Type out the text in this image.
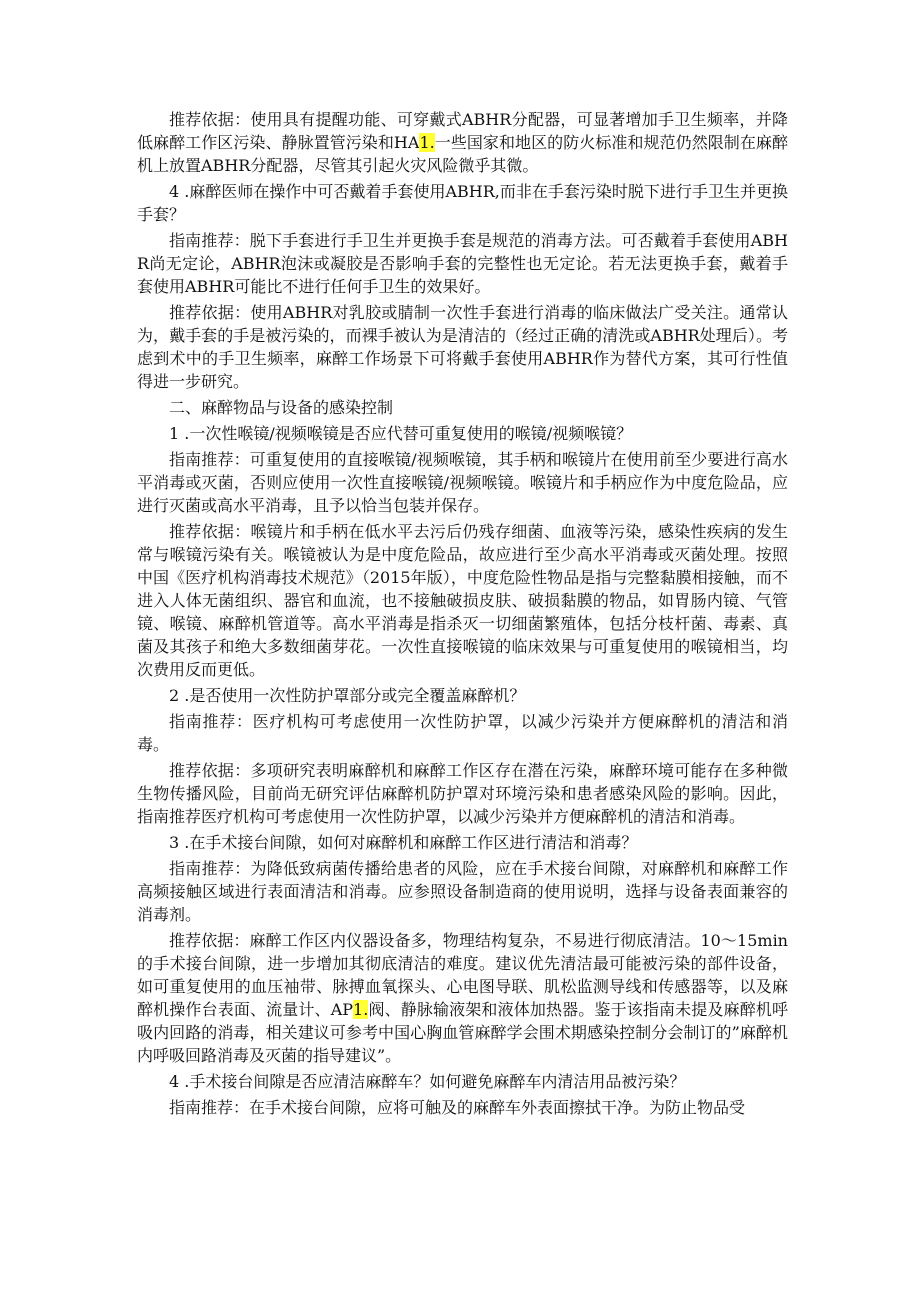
推荐依据：使用具有提醒功能、可穿戴式ABHR分配器，可显著增加手卫生频率，并降低麻醉工作区污染、静脉置管污染和HA1.一些国家和地区的防火标准和规范仍然限制在麻醉机上放置ABHR分配器，尽管其引起火灾风险微乎其微。

4 .麻醉医师在操作中可否戴着手套使用ABHR,而非在手套污染时脱下进行手卫生并更换手套？

指南推荐：脱下手套进行手卫生并更换手套是规范的消毒方法。可否戴着手套使用ABHR尚无定论，ABHR泡沫或凝胶是否影响手套的完整性也无定论。若无法更换手套，戴着手套使用ABHR可能比不进行任何手卫生的效果好。

推荐依据：使用ABHR对乳胶或腈制一次性手套进行消毒的临床做法广受关注。通常认为，戴手套的手是被污染的，而裸手被认为是清洁的（经过正确的清洗或ABHR处理后）。考虑到术中的手卫生频率，麻醉工作场景下可将戴手套使用ABHR作为替代方案，其可行性值得进一步研究。

二、麻醉物品与设备的感染控制

1 .一次性喉镜/视频喉镜是否应代替可重复使用的喉镜/视频喉镜？

指南推荐：可重复使用的直接喉镜/视频喉镜，其手柄和喉镜片在使用前至少要进行高水平消毒或灭菌，否则应使用一次性直接喉镜/视频喉镜。喉镜片和手柄应作为中度危险品，应进行灭菌或高水平消毒，且予以恰当包装并保存。

推荐依据：喉镜片和手柄在低水平去污后仍残存细菌、血液等污染，感染性疾病的发生常与喉镜污染有关。喉镜被认为是中度危险品，故应进行至少高水平消毒或灭菌处理。按照中国《医疗机构消毒技术规范》（2015年版），中度危险性物品是指与完整黏膜相接触，而不进入人体无菌组织、器官和血流，也不接触破损皮肤、破损黏膜的物品，如胃肠内镜、气管镜、喉镜、麻醉机管道等。高水平消毒是指杀灭一切细菌繁殖体，包括分枝杆菌、毒素、真菌及其孩子和绝大多数细菌芽花。一次性直接喉镜的临床效果与可重复使用的喉镜相当，均次费用反而更低。

2 .是否使用一次性防护罩部分或完全覆盖麻醉机？

指南推荐：医疗机构可考虑使用一次性防护罩，以减少污染并方便麻醉机的清洁和消毒。

推荐依据：多项研究表明麻醉机和麻醉工作区存在潜在污染，麻醉环境可能存在多种微生物传播风险，目前尚无研究评估麻醉机防护罩对环境污染和患者感染风险的影响。因此，指南推荐医疗机构可考虑使用一次性防护罩，以减少污染并方便麻醉机的清洁和消毒。

3 .在手术接台间隙，如何对麻醉机和麻醉工作区进行清洁和消毒？

指南推荐：为降低致病菌传播给患者的风险，应在手术接台间隙，对麻醉机和麻醉工作高频接触区域进行表面清洁和消毒。应参照设备制造商的使用说明，选择与设备表面兼容的消毒剂。

推荐依据：麻醉工作区内仪器设备多，物理结构复杂，不易进行彻底清洁。10～15min的手术接台间隙，进一步增加其彻底清洁的难度。建议优先清洁最可能被污染的部件设备，如可重复使用的血压袖带、脉搏血氧探头、心电图导联、肌松监测导线和传感器等，以及麻醉机操作台表面、流量计、AP1.阀、静脉输液架和液体加热器。鉴于该指南未提及麻醉机呼吸内回路的消毒，相关建议可参考中国心胸血管麻醉学会围术期感染控制分会制订的”麻醉机内呼吸回路消毒及灭菌的指导建议”。

4 .手术接台间隙是否应清洁麻醉车？如何避免麻醉车内清洁用品被污染？

指南推荐：在手术接台间隙，应将可触及的麻醉车外表面擦拭干净。为防止物品受
